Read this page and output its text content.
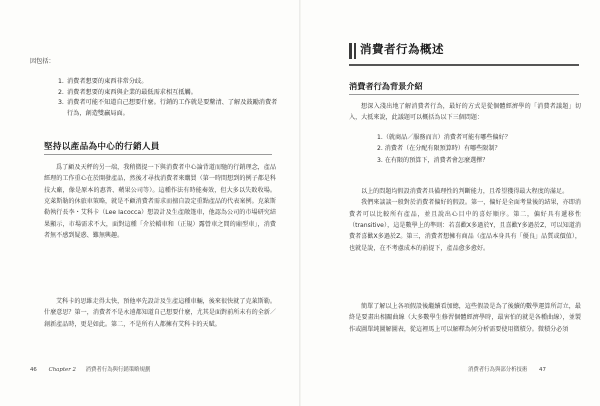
因包括：
1. 消費者想要的東西非常分歧。
2. 消費者想要的東西與企業的最低需求相互抵觸。
3. 消費者可能不知道自己想要什麼。行銷的工作就是要釐清、了解及鼓勵消費者行為，創造雙贏局面。
堅持以產品為中心的行銷人員

爲了顧及天秤的另一端，我稍微提一下與消費者中心論背道而馳的行銷理念，產品經理的工作重心在於開發產品，然後才尋找消費者來購買（第一時間想到的例子都是科技大廠，像是原本的惠普、蘋果公司等）。這種作法有時能奏效，但大多以失敗收場。克萊斯勒的休旅車策略，就是不顧消費者需求而擅自設定重點產品的代表案例。克萊斯勒執行長李・艾科卡（Lee Iacocca）想設計及生產敞篷車，他認為公司的市場研究結果顯示，市場需求不大，面對這種「介於轎車和（正規）露營車之間的廂型車」，消費者無不感到疑惑、難無興趣。

艾科卡的思維走得太快，預他率先設計及生產這種車輛，後來很快就了克萊斯勒。什麼意思？第一，消費者不是永遠都知道自己想要什麼，尤其是面對前所未有的全新／創新產品時，更是如此。第二，不是所有人都擁有艾科卡的天賦。

46 Chapter 2 消費者行為與行銷策略規劃
消費者行為概述
消費者行為背景介紹

想深入淺出地了解消費者行為，最好的方式是從個體經濟學的「消費者議題」切入，大抵來說，此議題可以概括為以下三個問題：

1.（就商品／服務而言）消費者可能有哪些偏好？
2. 消費者（在分配有限預算時）有哪些限制？
3. 在有限的預算下，消費者會怎麼選擇？

以上的問題均假設消費者具備理性的判斷能力，且希望獲得最大程度的滿足。
我們來談談一般對於消費者偏好的假設。第一，偏好是全面考量後的結果，亦即消費者可以比較所有產品，並且說出心目中的喜好順序。第二，偏好具有遞移性（transitive），這是數學上的準則：若喜歡X多過於Y，且喜歡Y多過於Z，可以知道消費者喜歡X多過於Z。第三，消費者想擁有商品（產品本身具有「優良」品質或價值），也就是說，在不考慮成本的前提下，產品愈多愈好。

簡單了解以上各項假設後繼續看加總，這些假設是為了後續的數學運算所訂立，最終是要畫出相關曲線（大多數學生修習個體經濟學時，最害怕的就是各種曲線），並製作或圖單純圖解圖表，從這裡馬上可以解釋為何分析需要使用微積分。微積分必須

消費者行為與部分析技術 47
